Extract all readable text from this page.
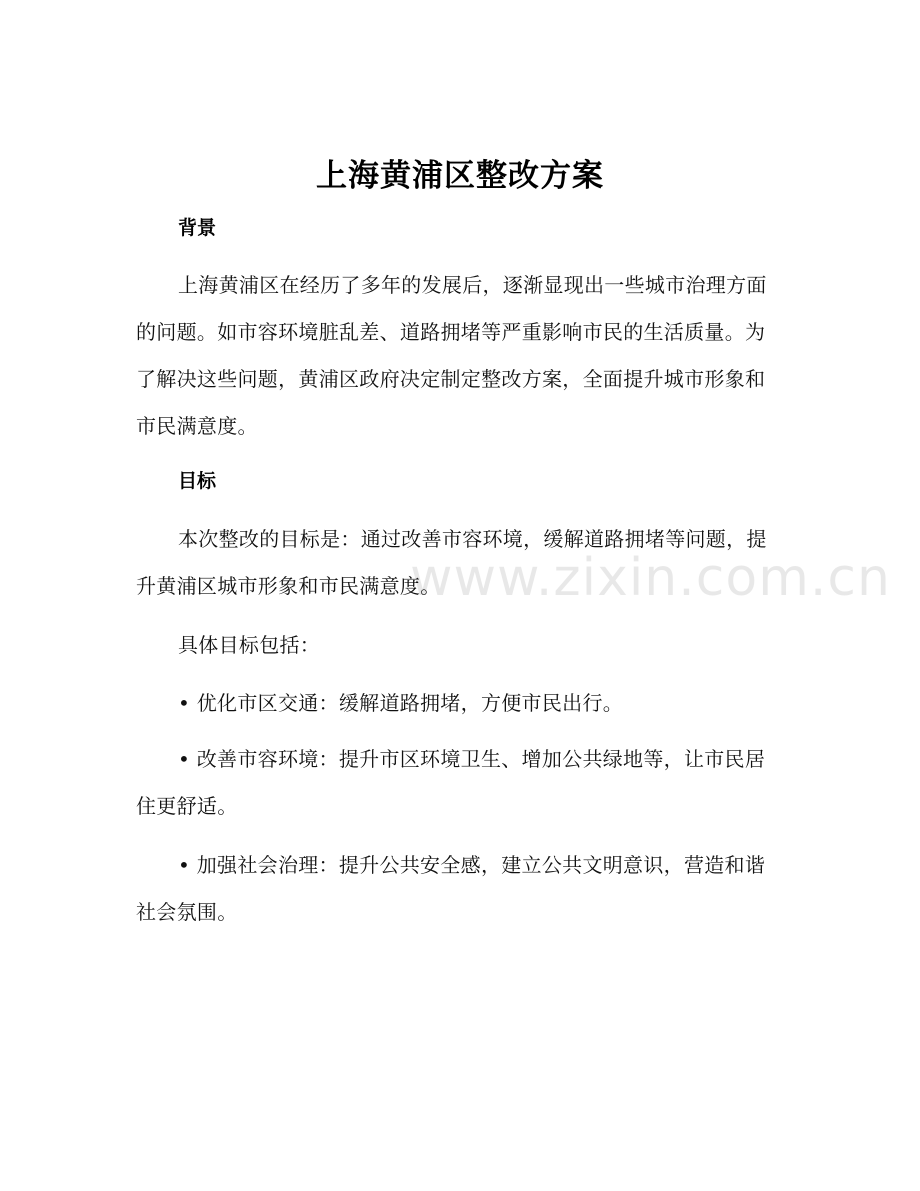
上海黄浦区整改方案
背景
上海黄浦区在经历了多年的发展后，逐渐显现出一些城市治理方面的问题。如市容环境脏乱差、道路拥堵等严重影响市民的生活质量。为了解决这些问题，黄浦区政府决定制定整改方案，全面提升城市形象和市民满意度。
目标
本次整改的目标是：通过改善市容环境，缓解道路拥堵等问题，提升黄浦区城市形象和市民满意度。
具体目标包括：
• 优化市区交通：缓解道路拥堵，方便市民出行。
• 改善市容环境：提升市区环境卫生、增加公共绿地等，让市民居住更舒适。
• 加强社会治理：提升公共安全感，建立公共文明意识，营造和谐社会氛围。
www.zixin.com.cn
